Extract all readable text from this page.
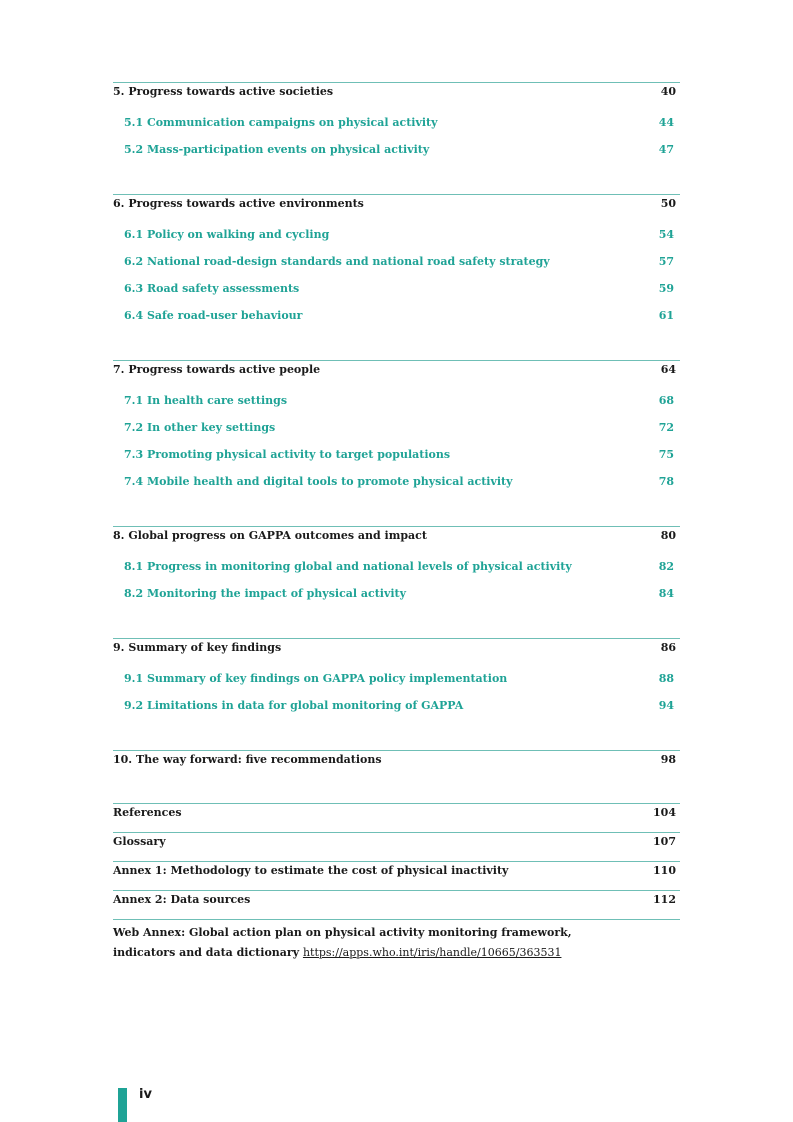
5. Progress towards active societies	40
5.1 Communication campaigns on physical activity	44
5.2 Mass-participation events on physical activity	47
6. Progress towards active environments	50
6.1 Policy on walking and cycling	54
6.2 National road-design standards and national road safety strategy	57
6.3 Road safety assessments	59
6.4 Safe road-user behaviour	61
7. Progress towards active people	64
7.1 In health care settings	68
7.2 In other key settings	72
7.3 Promoting physical activity to target populations	75
7.4 Mobile health and digital tools to promote physical activity	78
8. Global progress on GAPPA outcomes and impact	80
8.1 Progress in monitoring global and national levels of physical activity	82
8.2 Monitoring the impact of physical activity	84
9. Summary of key findings	86
9.1 Summary of key findings on GAPPA policy implementation	88
9.2 Limitations in data for global monitoring of GAPPA	94
10. The way forward: five recommendations	98
References	104
Glossary	107
Annex 1: Methodology to estimate the cost of physical inactivity	110
Annex 2: Data sources	112
Web Annex: Global action plan on physical activity monitoring framework,
indicators and data dictionary https://apps.who.int/iris/handle/10665/363531
iv
